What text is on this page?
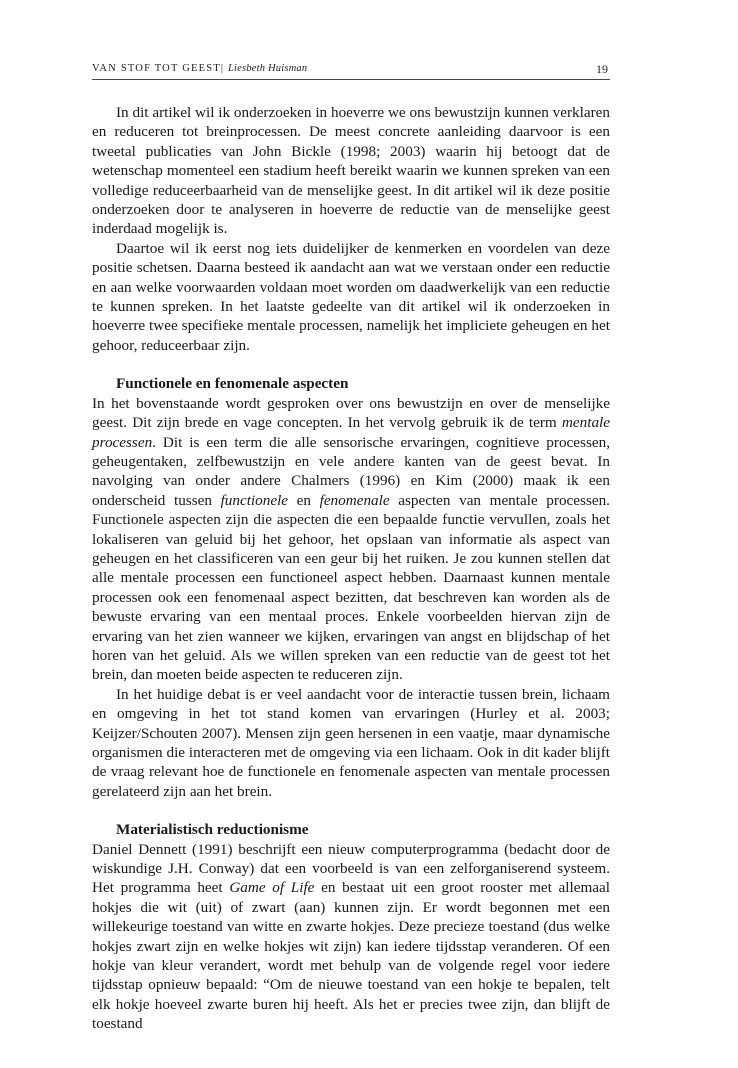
VAN STOF TOT GEEST| Liesbeth Huisman	19

In dit artikel wil ik onderzoeken in hoeverre we ons bewustzijn kunnen verklaren en reduceren tot breinprocessen. De meest concrete aanleiding daarvoor is een tweetal publicaties van John Bickle (1998; 2003) waarin hij betoogt dat de wetenschap momenteel een stadium heeft bereikt waarin we kunnen spreken van een volledige reduceerbaarheid van de menselijke geest. In dit artikel wil ik deze positie onderzoeken door te analyseren in hoeverre de reductie van de menselijke geest inderdaad mogelijk is.

Daartoe wil ik eerst nog iets duidelijker de kenmerken en voordelen van deze positie schetsen. Daarna besteed ik aandacht aan wat we verstaan onder een reductie en aan welke voorwaarden voldaan moet worden om daadwerkelijk van een reductie te kunnen spreken. In het laatste gedeelte van dit artikel wil ik onderzoeken in hoeverre twee specifieke mentale processen, namelijk het impliciete geheugen en het gehoor, reduceerbaar zijn.

Functionele en fenomenale aspecten

In het bovenstaande wordt gesproken over ons bewustzijn en over de menselijke geest. Dit zijn brede en vage concepten. In het vervolg gebruik ik de term mentale processen. Dit is een term die alle sensorische ervaringen, cognitieve processen, geheugentaken, zelfbewustzijn en vele andere kanten van de geest bevat. In navolging van onder andere Chalmers (1996) en Kim (2000) maak ik een onderscheid tussen functionele en fenomenale aspecten van mentale processen. Functionele aspecten zijn die aspecten die een bepaalde functie vervullen, zoals het lokaliseren van geluid bij het gehoor, het opslaan van informatie als aspect van geheugen en het classificeren van een geur bij het ruiken. Je zou kunnen stellen dat alle mentale processen een functioneel aspect hebben. Daarnaast kunnen mentale processen ook een fenomenaal aspect bezitten, dat beschreven kan worden als de bewuste ervaring van een mentaal proces. Enkele voorbeelden hiervan zijn de ervaring van het zien wanneer we kijken, ervaringen van angst en blijdschap of het horen van het geluid. Als we willen spreken van een reductie van de geest tot het brein, dan moeten beide aspecten te reduceren zijn.

In het huidige debat is er veel aandacht voor de interactie tussen brein, lichaam en omgeving in het tot stand komen van ervaringen (Hurley et al. 2003; Keijzer/Schouten 2007). Mensen zijn geen hersenen in een vaatje, maar dynamische organismen die interacteren met de omgeving via een lichaam. Ook in dit kader blijft de vraag relevant hoe de functionele en fenomenale aspecten van mentale processen gerelateerd zijn aan het brein.

Materialistisch reductionisme

Daniel Dennett (1991) beschrijft een nieuw computerprogramma (bedacht door de wiskundige J.H. Conway) dat een voorbeeld is van een zelforganiserend systeem. Het programma heet Game of Life en bestaat uit een groot rooster met allemaal hokjes die wit (uit) of zwart (aan) kunnen zijn. Er wordt begonnen met een willekeurige toestand van witte en zwarte hokjes. Deze precieze toestand (dus welke hokjes zwart zijn en welke hokjes wit zijn) kan iedere tijdsstap veranderen. Of een hokje van kleur verandert, wordt met behulp van de volgende regel voor iedere tijdsstap opnieuw bepaald: “Om de nieuwe toestand van een hokje te bepalen, telt elk hokje hoeveel zwarte buren hij heeft. Als het er precies twee zijn, dan blijft de toestand
